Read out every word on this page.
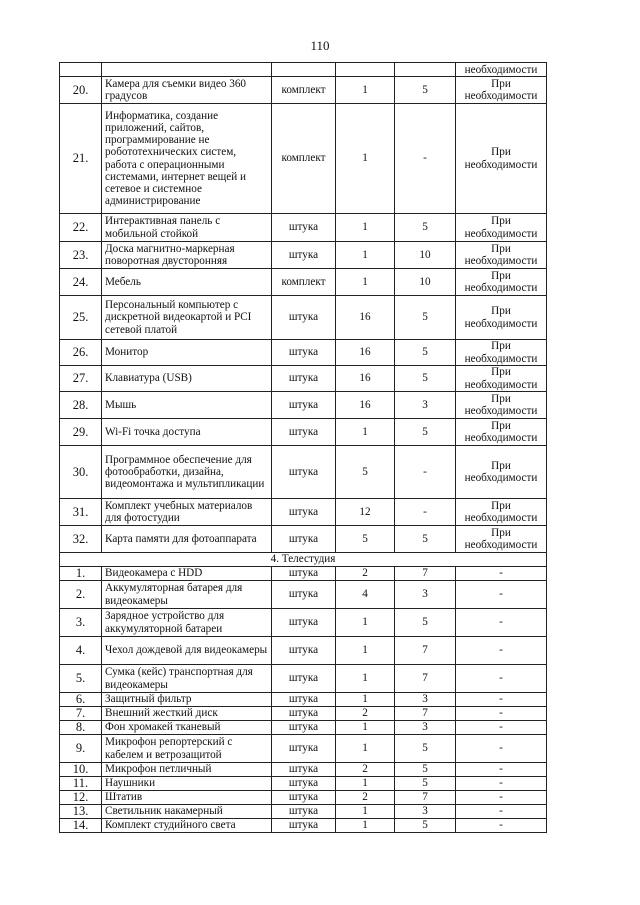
110
					необходимости
20.	Камера для съемки видео 360 градусов	комплект	1	5	При необходимости
21.	Информатика, создание приложений, сайтов, программирование не робототехнических систем, работа с операционными системами, интернет вещей и сетевое и системное администрирование	комплект	1	-	При необходимости
22.	Интерактивная панель с мобильной стойкой	штука	1	5	При необходимости
23.	Доска магнитно-маркерная поворотная двусторонняя	штука	1	10	При необходимости
24.	Мебель	комплект	1	10	При необходимости
25.	Персональный компьютер с дискретной видеокартой и PCI сетевой платой	штука	16	5	При необходимости
26.	Монитор	штука	16	5	При необходимости
27.	Клавиатура (USB)	штука	16	5	При необходимости
28.	Мышь	штука	16	3	При необходимости
29.	Wi-Fi точка доступа	штука	1	5	При необходимости
30.	Программное обеспечение для фотообработки, дизайна, видеомонтажа и мультипликации	штука	5	-	При необходимости
31.	Комплект учебных материалов для фотостудии	штука	12	-	При необходимости
32.	Карта памяти для фотоаппарата	штука	5	5	При необходимости
4. Телестудия					
1.	Видеокамера с HDD	штука	2	7	-
2.	Аккумуляторная батарея для видеокамеры	штука	4	3	-
3.	Зарядное устройство для аккумуляторной батареи	штука	1	5	-
4.	Чехол дождевой для видеокамеры	штука	1	7	-
5.	Сумка (кейс) транспортная для видеокамеры	штука	1	7	-
6.	Защитный фильтр	штука	1	3	-
7.	Внешний жесткий диск	штука	2	7	-
8.	Фон хромакей тканевый	штука	1	3	-
9.	Микрофон репортерский с кабелем и ветрозащитой	штука	1	5	-
10.	Микрофон петличный	штука	2	5	-
11.	Наушники	штука	1	5	-
12.	Штатив	штука	2	7	-
13.	Светильник накамерный	штука	1	3	-
14.	Комплект студийного света	штука	1	5	-
